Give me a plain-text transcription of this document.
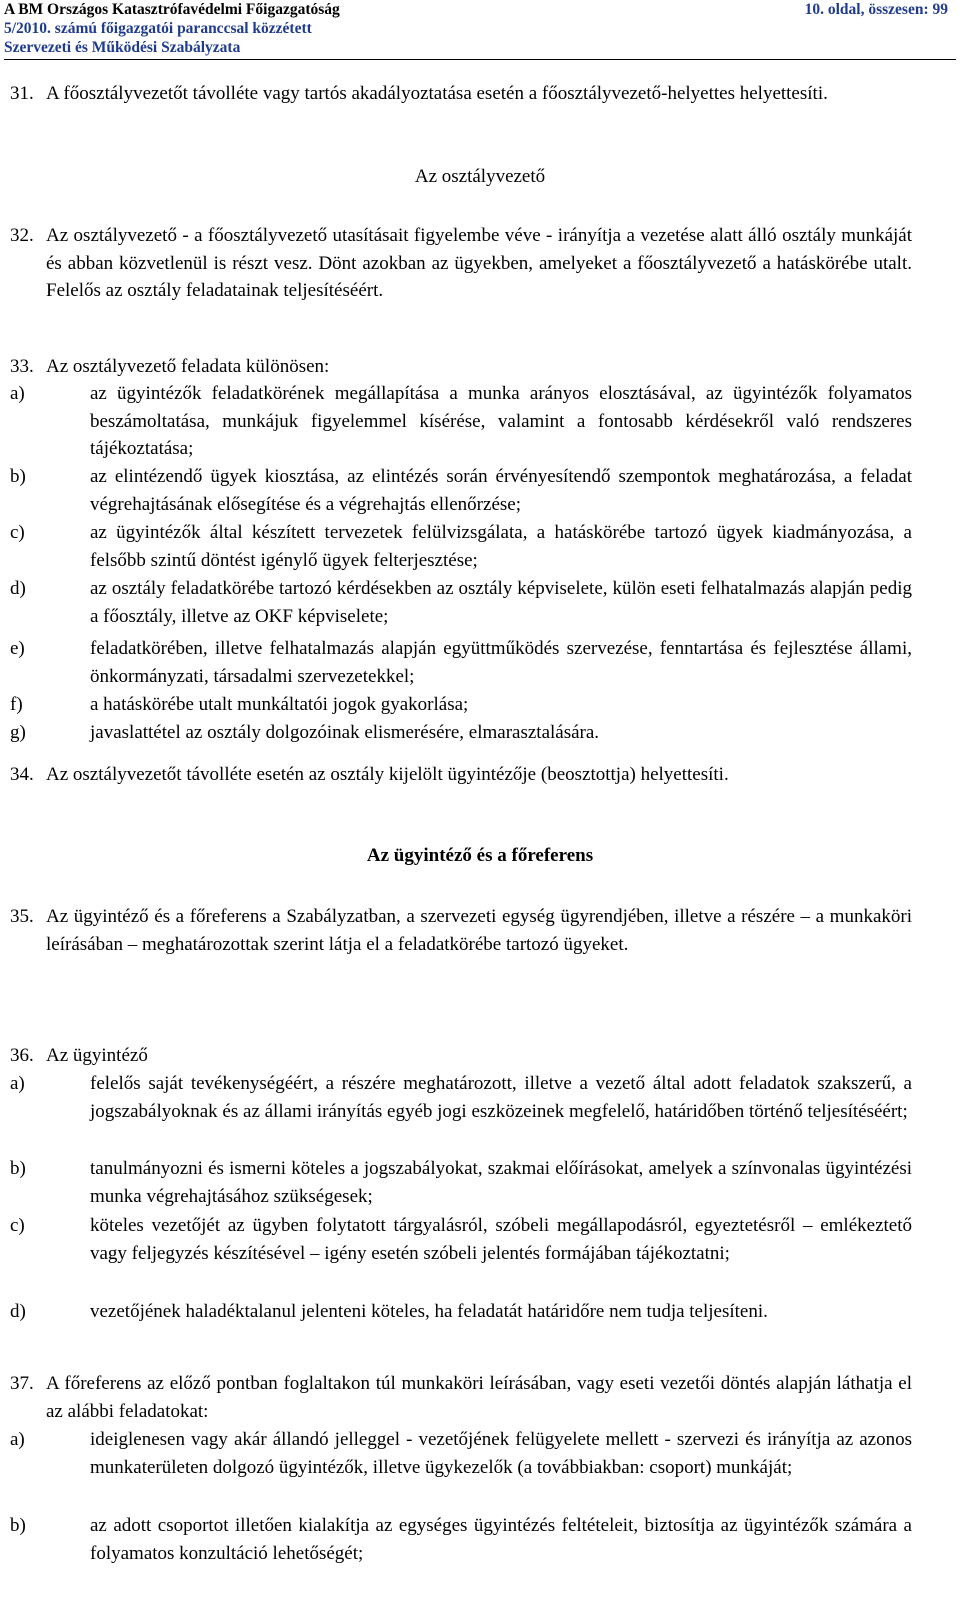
A BM Országos Katasztrófavédelmi Főigazgatóság
5/2010. számú főigazgatói paranccsal közzétett
Szervezeti és Működési Szabályzata
10. oldal, összesen: 99
31. A főosztályvezetőt távolléte vagy tartós akadályoztatása esetén a főosztályvezető-helyettes helyettesíti.
Az osztályvezető
32. Az osztályvezető - a főosztályvezető utasításait figyelembe véve - irányítja a vezetése alatt álló osztály munkáját és abban közvetlenül is részt vesz. Dönt azokban az ügyekben, amelyeket a főosztályvezető a hatáskörébe utalt. Felelős az osztály feladatainak teljesítéséért.
33. Az osztályvezető feladata különösen:
a)	az ügyintézők feladatkörének megállapítása a munka arányos elosztásával, az ügyintézők folyamatos beszámoltatása, munkájuk figyelemmel kísérése, valamint a fontosabb kérdésekről való rendszeres tájékoztatása;
b)	az elintézendő ügyek kiosztása, az elintézés során érvényesítendő szempontok meghatározása, a feladat végrehajtásának elősegítése és a végrehajtás ellenőrzése;
c)	az ügyintézők által készített tervezetek felülvizsgálata, a hatáskörébe tartozó ügyek kiadmányozása, a felsőbb szintű döntést igénylő ügyek felterjesztése;
d)	az osztály feladatkörébe tartozó kérdésekben az osztály képviselete, külön eseti felhatalmazás alapján pedig a főosztály, illetve az OKF képviselete;
e)	feladatkörében, illetve felhatalmazás alapján együttműködés szervezése, fenntartása és fejlesztése állami, önkormányzati, társadalmi szervezetekkel;
f)	a hatáskörébe utalt munkáltatói jogok gyakorlása;
g)	javaslattétel az osztály dolgozóinak elismerésére, elmarasztalására.
34. Az osztályvezetőt távolléte esetén az osztály kijelölt ügyintézője (beosztottja) helyettesíti.
Az ügyintéző és a főreferens
35. Az ügyintéző és a főreferens a Szabályzatban, a szervezeti egység ügyrendjében, illetve a részére – a munkaköri leírásában – meghatározottak szerint látja el a feladatkörébe tartozó ügyeket.
36. Az ügyintéző
a)	felelős saját tevékenységéért, a részére meghatározott, illetve a vezető által adott feladatok szakszerű, a jogszabályoknak és az állami irányítás egyéb jogi eszközeinek megfelelő, határidőben történő teljesítéséért;
b)	tanulmányozni és ismerni köteles a jogszabályokat, szakmai előírásokat, amelyek a színvonalas ügyintézési munka végrehajtásához szükségesek;
c)	köteles vezetőjét az ügyben folytatott tárgyalásról, szóbeli megállapodásról, egyeztetésről – emlékeztető vagy feljegyzés készítésével – igény esetén szóbeli jelentés formájában tájékoztatni;
d)	vezetőjének haladéktalanul jelenteni köteles, ha feladatát határidőre nem tudja teljesíteni.
37. A főreferens az előző pontban foglaltakon túl munkaköri leírásában, vagy eseti vezetői döntés alapján láthatja el az alábbi feladatokat:
a)	ideiglenesen vagy akár állandó jelleggel - vezetőjének felügyelete mellett - szervezi és irányítja az azonos munkaterületen dolgozó ügyintézők, illetve ügykezelők (a továbbiakban: csoport) munkáját;
b)	az adott csoportot illetően kialakítja az egységes ügyintézés feltételeit, biztosítja az ügyintézők számára a folyamatos konzultáció lehetőségét;
